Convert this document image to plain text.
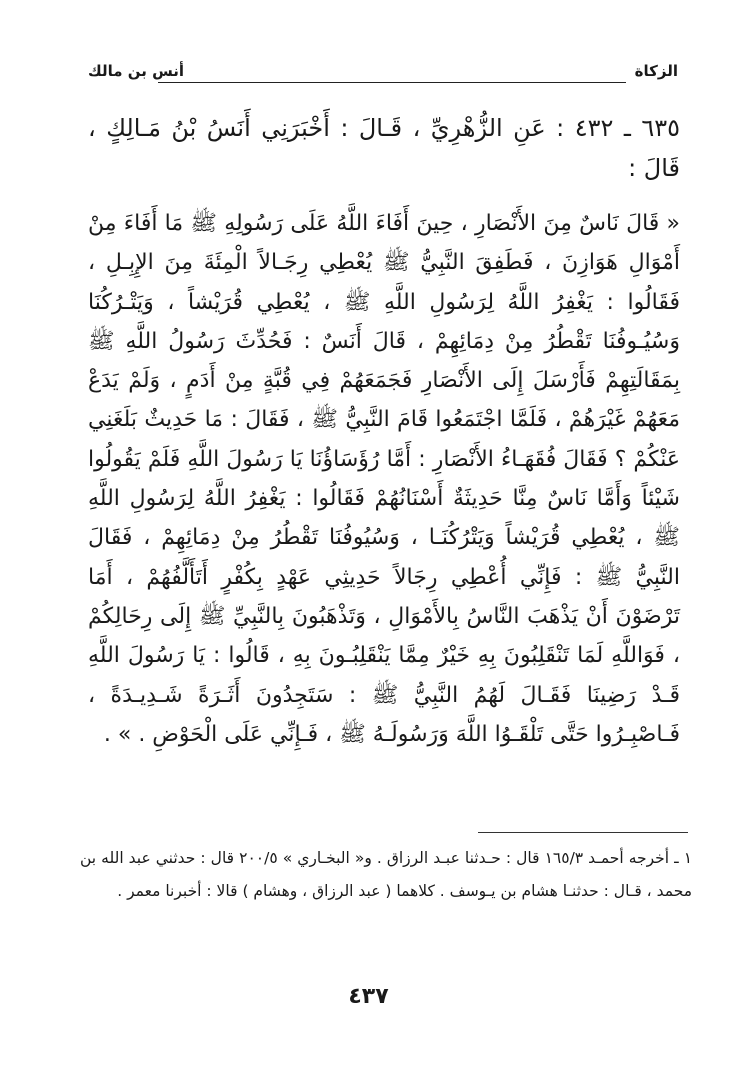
الزكاة
أنس بن مالك

٦٣٥ ـ ٤٣٢ : عَنِ الزُّهْرِيِّ ، قَـالَ : أَخْبَرَنِي أَنَسُ بْنُ مَـالِكٍ ، قَالَ :

« قَالَ نَاسٌ مِنَ الأَنْصَارِ ، حِينَ أَفَاءَ اللَّهُ عَلَى رَسُولِهِ ﷺ مَا أَفَاءَ مِنْ أَمْوَالِ هَوَازِنَ ، فَطَفِقَ النَّبِيُّ ﷺ يُعْطِي رِجَـالاً الْمِئَةَ مِنَ الإِبِـلِ ، فَقَالُوا : يَغْفِرُ اللَّهُ لِرَسُولِ اللَّهِ ﷺ ، يُعْطِي قُرَيْشاً ، وَيَتْـرُكُنَا وَسُيُـوفُنَا تَقْطُرُ مِنْ دِمَائِهِمْ ، قَالَ أَنَسٌ : فَحُدِّثَ رَسُولُ اللَّهِ ﷺ بِمَقَالَتِهِمْ فَأَرْسَلَ إِلَى الأَنْصَارِ فَجَمَعَهُمْ فِي قُبَّةٍ مِنْ أَدَمٍ ، وَلَمْ يَدَعْ مَعَهُمْ غَيْرَهُمْ ، فَلَمَّا اجْتَمَعُوا قَامَ النَّبِيُّ ﷺ ، فَقَالَ : مَا حَدِيثٌ بَلَغَنِي عَنْكُمْ ؟ فَقَالَ فُقَهَـاءُ الأَنْصَارِ : أَمَّا رُؤَسَاؤُنَا يَا رَسُولَ اللَّهِ فَلَمْ يَقُولُوا شَيْئاً وَأَمَّا نَاسٌ مِنَّا حَدِيثَةٌ أَسْنَانُهُمْ فَقَالُوا : يَغْفِرُ اللَّهُ لِرَسُولِ اللَّهِ ﷺ ، يُعْطِي قُرَيْشاً وَيَتْرُكُنَـا ، وَسُيُوفُنَا تَقْطُرُ مِنْ دِمَائِهِمْ ، فَقَالَ النَّبِيُّ ﷺ : فَإِنِّي أُعْطِي رِجَالاً حَدِيثِي عَهْدٍ بِكُفْرٍ أَتَأَلَّفُهُمْ ، أَمَا تَرْضَوْنَ أَنْ يَذْهَبَ النَّاسُ بِالأَمْوَالِ ، وَتَذْهَبُونَ بِالنَّبِيِّ ﷺ إِلَى رِحَالِكُمْ ، فَوَاللَّهِ لَمَا تَنْقَلِبُونَ بِهِ خَيْرٌ مِمَّا يَنْقَلِبُـونَ بِهِ ، قَالُوا : يَا رَسُولَ اللَّهِ قَـدْ رَضِينَا فَقَـالَ لَهُمُ النَّبِيُّ ﷺ : سَتَجِدُونَ أَثَـرَةً شَـدِيـدَةً ، فَـاصْبِـرُوا حَتَّى تَلْقَـوُا اللَّهَ وَرَسُولَـهُ ﷺ ، فَـإِنِّي عَلَى الْحَوْضِ . » .

١ ـ أخرجه أحمـد ١٦٥/٣ قال : حـدثنا عبـد الرزاق . و« البخـاري » ٢٠٠/٥ قال : حدثني عبد الله بن محمد ، قـال : حدثنـا هشام بن يـوسف . كلاهما ( عبد الرزاق ، وهشام ) قالا : أخبرنا معمر .

٤٣٧
